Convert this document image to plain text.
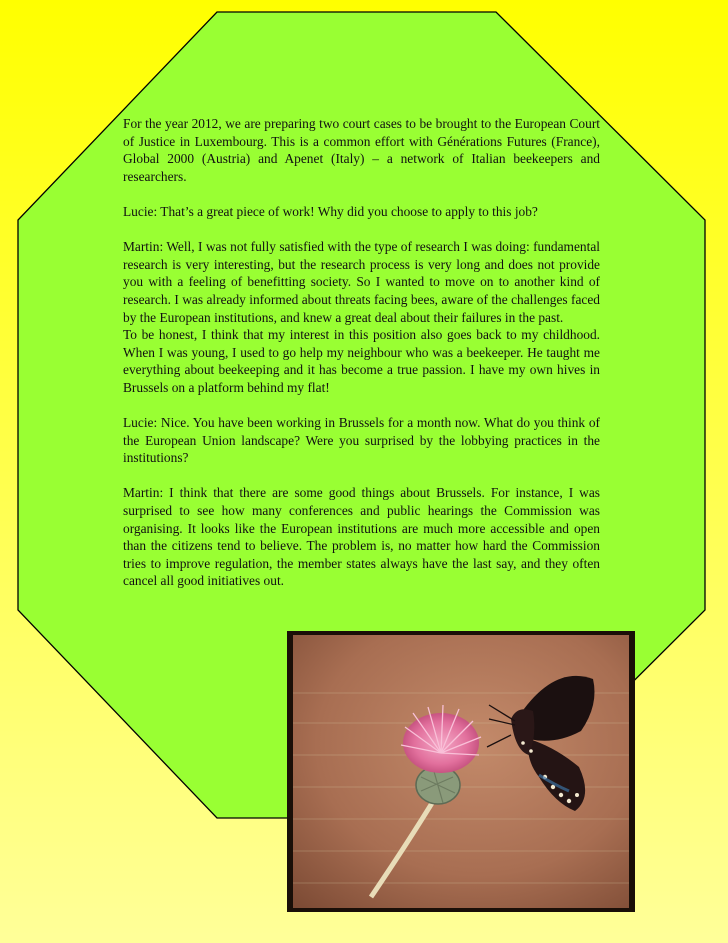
For the year 2012, we are preparing two court cases to be brought to the European Court of Justice in Luxembourg. This is a common effort with Générations Futures (France), Global 2000 (Austria) and Apenet (Italy) – a network of Italian beekeepers and researchers.

Lucie: That’s a great piece of work! Why did you choose to apply to this job?

Martin: Well, I was not fully satisfied with the type of research I was doing: fundamental research is very interesting, but the research process is very long and does not provide you with a feeling of benefitting society. So I wanted to move on to another kind of research. I was already informed about threats facing bees, aware of the challenges faced by the European institutions, and knew a great deal about their failures in the past.

To be honest, I think that my interest in this position also goes back to my childhood. When I was young, I used to go help my neighbour who was a beekeeper. He taught me everything about beekeeping and it has become a true passion. I have my own hives in Brussels on a platform behind my flat!

Lucie: Nice. You have been working in Brussels for a month now. What do you think of the European Union landscape? Were you surprised by the lobbying practices in the institutions?

Martin: I think that there are some good things about Brussels. For instance, I was surprised to see how many conferences and public hearings the Commission was organising. It looks like the European institutions are much more accessible and open than the citizens tend to believe. The problem is, no matter how hard the Commission tries to improve regulation, the member states always have the last say, and they often cancel all good initiatives out.
